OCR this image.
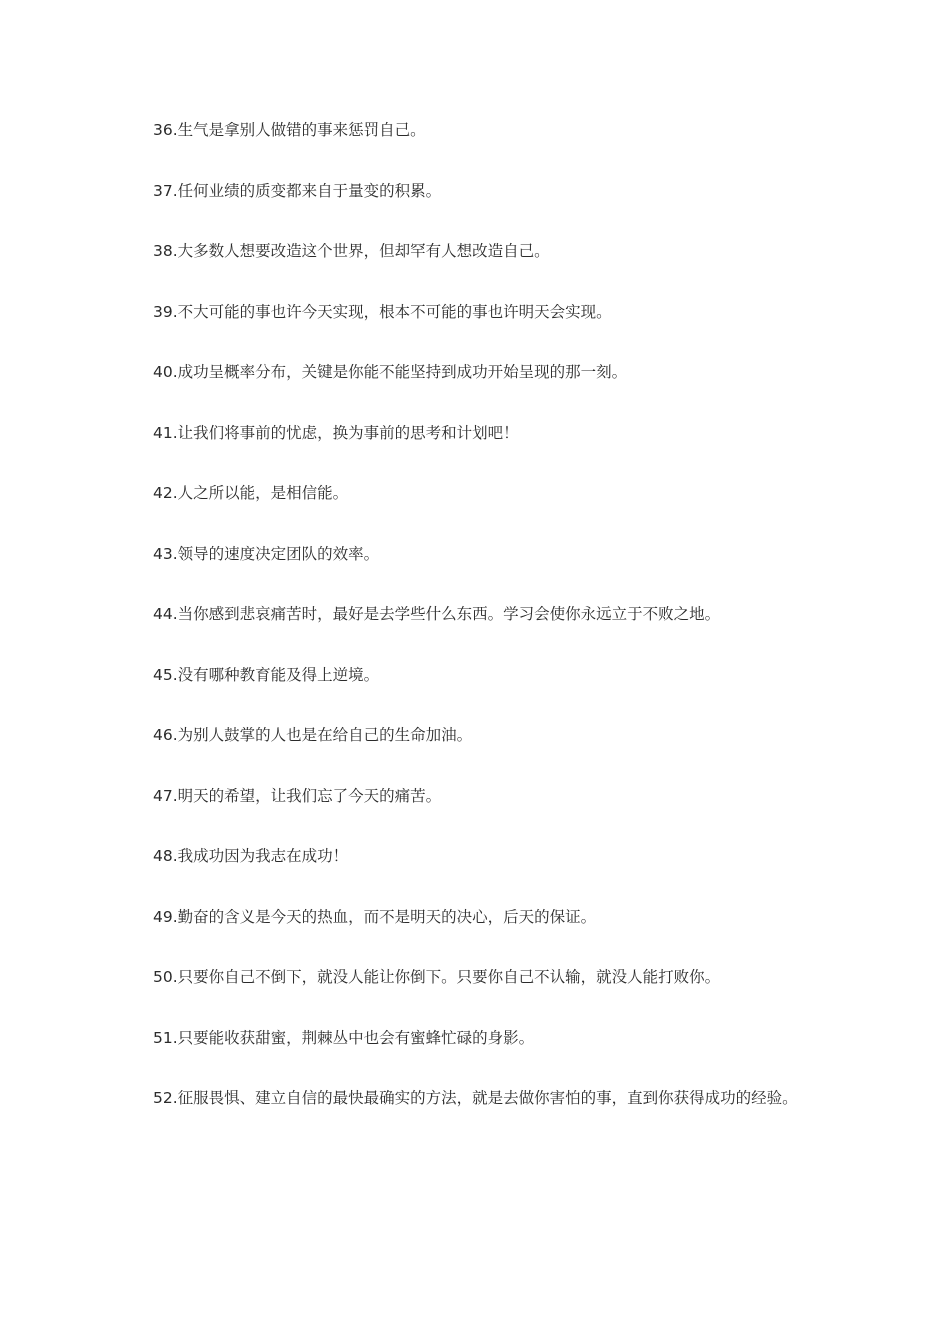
36.生气是拿别人做错的事来惩罚自己。
37.任何业绩的质变都来自于量变的积累。
38.大多数人想要改造这个世界，但却罕有人想改造自己。
39.不大可能的事也许今天实现，根本不可能的事也许明天会实现。
40.成功呈概率分布，关键是你能不能坚持到成功开始呈现的那一刻。
41.让我们将事前的忧虑，换为事前的思考和计划吧！
42.人之所以能，是相信能。
43.领导的速度决定团队的效率。
44.当你感到悲哀痛苦时，最好是去学些什么东西。学习会使你永远立于不败之地。
45.没有哪种教育能及得上逆境。
46.为别人鼓掌的人也是在给自己的生命加油。
47.明天的希望，让我们忘了今天的痛苦。
48.我成功因为我志在成功！
49.勤奋的含义是今天的热血，而不是明天的决心，后天的保证。
50.只要你自己不倒下，就没人能让你倒下。只要你自己不认输，就没人能打败你。
51.只要能收获甜蜜，荆棘丛中也会有蜜蜂忙碌的身影。
52.征服畏惧、建立自信的最快最确实的方法，就是去做你害怕的事，直到你获得成功的经验。
